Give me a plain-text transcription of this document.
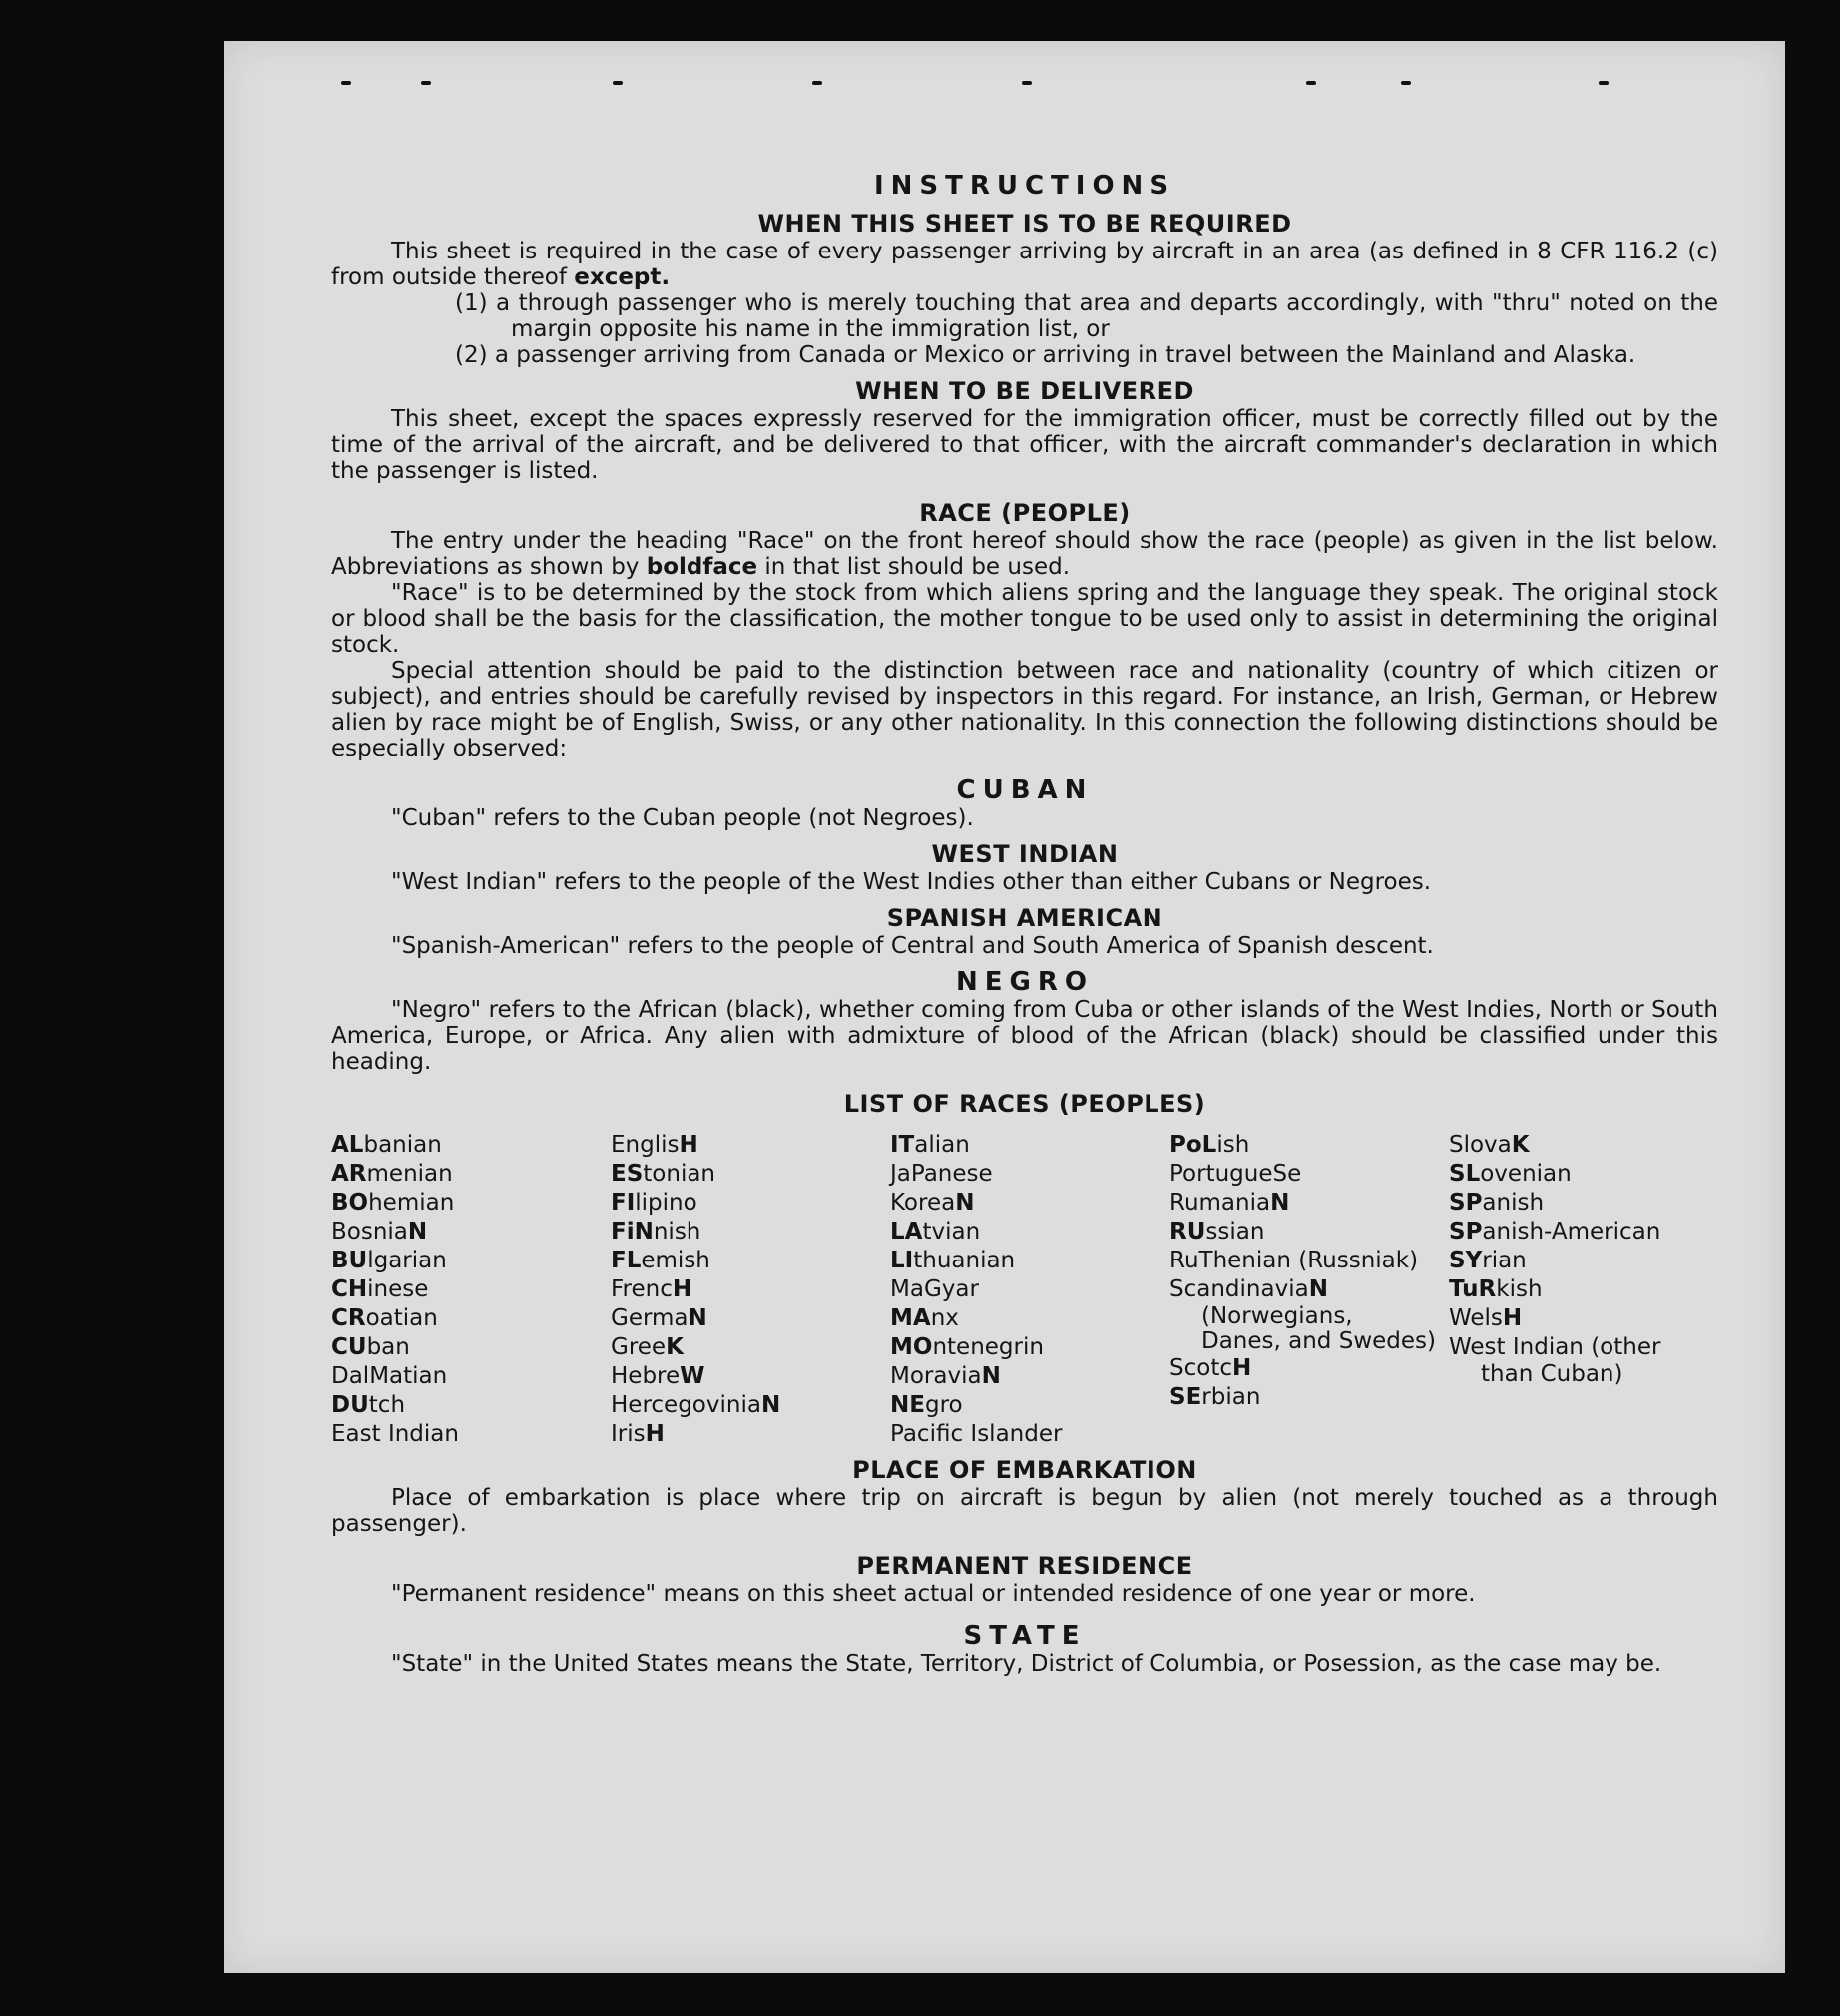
INSTRUCTIONS
WHEN THIS SHEET IS TO BE REQUIRED

This sheet is required in the case of every passenger arriving by aircraft in an area (as defined in 8 CFR 116.2 (c) from outside thereof except.

(1) a through passenger who is merely touching that area and departs accordingly, with "thru" noted on the margin opposite his name in the immigration list, or

(2) a passenger arriving from Canada or Mexico or arriving in travel between the Mainland and Alaska.

WHEN TO BE DELIVERED

This sheet, except the spaces expressly reserved for the immigration officer, must be correctly filled out by the time of the arrival of the aircraft, and be delivered to that officer, with the aircraft commander's declaration in which the passenger is listed.

RACE (PEOPLE)

The entry under the heading "Race" on the front hereof should show the race (people) as given in the list below. Abbreviations as shown by boldface in that list should be used.

"Race" is to be determined by the stock from which aliens spring and the language they speak. The original stock or blood shall be the basis for the classification, the mother tongue to be used only to assist in determining the original stock.

Special attention should be paid to the distinction between race and nationality (country of which citizen or subject), and entries should be carefully revised by inspectors in this regard. For instance, an Irish, German, or Hebrew alien by race might be of English, Swiss, or any other nationality. In this connection the following distinctions should be especially observed:

CUBAN

"Cuban" refers to the Cuban people (not Negroes).

WEST INDIAN

"West Indian" refers to the people of the West Indies other than either Cubans or Negroes.

SPANISH AMERICAN

"Spanish-American" refers to the people of Central and South America of Spanish descent.

NEGRO

"Negro" refers to the African (black), whether coming from Cuba or other islands of the West Indies, North or South America, Europe, or Africa. Any alien with admixture of blood of the African (black) should be classified under this heading.

LIST OF RACES (PEOPLES)
ALbanian
ARmenian
BOhemian
BosniaN
BUlgarian
CHinese
CRoatian
CUban
DalMatian
DUtch
East Indian
EnglisH
EStonian
FIlipino
FiNnish
FLemish
FrencH
GermaN
GreeK
HebreW
HercegoviniaN
IrisH
ITalian
JaPanese
KoreaN
LAtvian
LIthuanian
MaGyar
MAnx
MOntenegrin
MoraviaN
NEgro
Pacific Islander
PoLish
PortugueSe
RumaniaN
RUssian
RuThenian (Russniak)
ScandinaviaN
(Norwegians, Danes, and Swedes)
ScotcH
SErbian
SlovaK
SLovenian
SPanish
SPanish-American
SYrian
TuRkish
WelsH
West Indian (other
than Cuban)
PLACE OF EMBARKATION

Place of embarkation is place where trip on aircraft is begun by alien (not merely touched as a through passenger).

PERMANENT RESIDENCE

"Permanent residence" means on this sheet actual or intended residence of one year or more.

STATE

"State" in the United States means the State, Territory, District of Columbia, or Posession, as the case may be.
